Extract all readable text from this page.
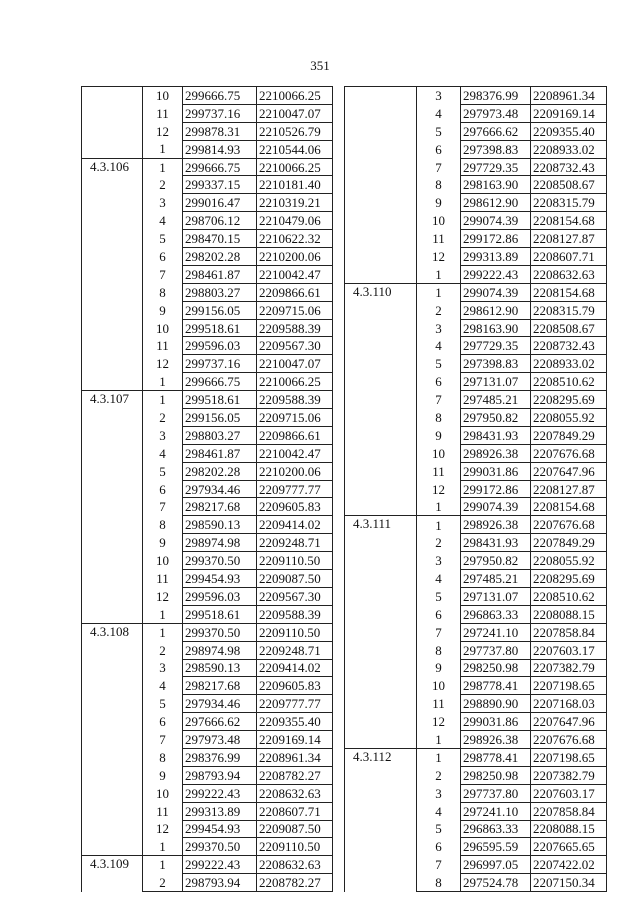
351
	10	299666.75	2210066.25
	11	299737.16	2210047.07
	12	299878.31	2210526.79
	1	299814.93	2210544.06
4.3.106	1	299666.75	2210066.25
	2	299337.15	2210181.40
	3	299016.47	2210319.21
	4	298706.12	2210479.06
	5	298470.15	2210622.32
	6	298202.28	2210200.06
	7	298461.87	2210042.47
	8	298803.27	2209866.61
	9	299156.05	2209715.06
	10	299518.61	2209588.39
	11	299596.03	2209567.30
	12	299737.16	2210047.07
	1	299666.75	2210066.25
4.3.107	1	299518.61	2209588.39
	2	299156.05	2209715.06
	3	298803.27	2209866.61
	4	298461.87	2210042.47
	5	298202.28	2210200.06
	6	297934.46	2209777.77
	7	298217.68	2209605.83
	8	298590.13	2209414.02
	9	298974.98	2209248.71
	10	299370.50	2209110.50
	11	299454.93	2209087.50
	12	299596.03	2209567.30
	1	299518.61	2209588.39
4.3.108	1	299370.50	2209110.50
	2	298974.98	2209248.71
	3	298590.13	2209414.02
	4	298217.68	2209605.83
	5	297934.46	2209777.77
	6	297666.62	2209355.40
	7	297973.48	2209169.14
	8	298376.99	2208961.34
	9	298793.94	2208782.27
	10	299222.43	2208632.63
	11	299313.89	2208607.71
	12	299454.93	2209087.50
	1	299370.50	2209110.50
4.3.109	1	299222.43	2208632.63
	2	298793.94	2208782.27
	3	298376.99	2208961.34
	4	297973.48	2209169.14
	5	297666.62	2209355.40
	6	297398.83	2208933.02
	7	297729.35	2208732.43
	8	298163.90	2208508.67
	9	298612.90	2208315.79
	10	299074.39	2208154.68
	11	299172.86	2208127.87
	12	299313.89	2208607.71
	1	299222.43	2208632.63
4.3.110	1	299074.39	2208154.68
	2	298612.90	2208315.79
	3	298163.90	2208508.67
	4	297729.35	2208732.43
	5	297398.83	2208933.02
	6	297131.07	2208510.62
	7	297485.21	2208295.69
	8	297950.82	2208055.92
	9	298431.93	2207849.29
	10	298926.38	2207676.68
	11	299031.86	2207647.96
	12	299172.86	2208127.87
	1	299074.39	2208154.68
4.3.111	1	298926.38	2207676.68
	2	298431.93	2207849.29
	3	297950.82	2208055.92
	4	297485.21	2208295.69
	5	297131.07	2208510.62
	6	296863.33	2208088.15
	7	297241.10	2207858.84
	8	297737.80	2207603.17
	9	298250.98	2207382.79
	10	298778.41	2207198.65
	11	298890.90	2207168.03
	12	299031.86	2207647.96
	1	298926.38	2207676.68
4.3.112	1	298778.41	2207198.65
	2	298250.98	2207382.79
	3	297737.80	2207603.17
	4	297241.10	2207858.84
	5	296863.33	2208088.15
	6	296595.59	2207665.65
	7	296997.05	2207422.02
	8	297524.78	2207150.34
